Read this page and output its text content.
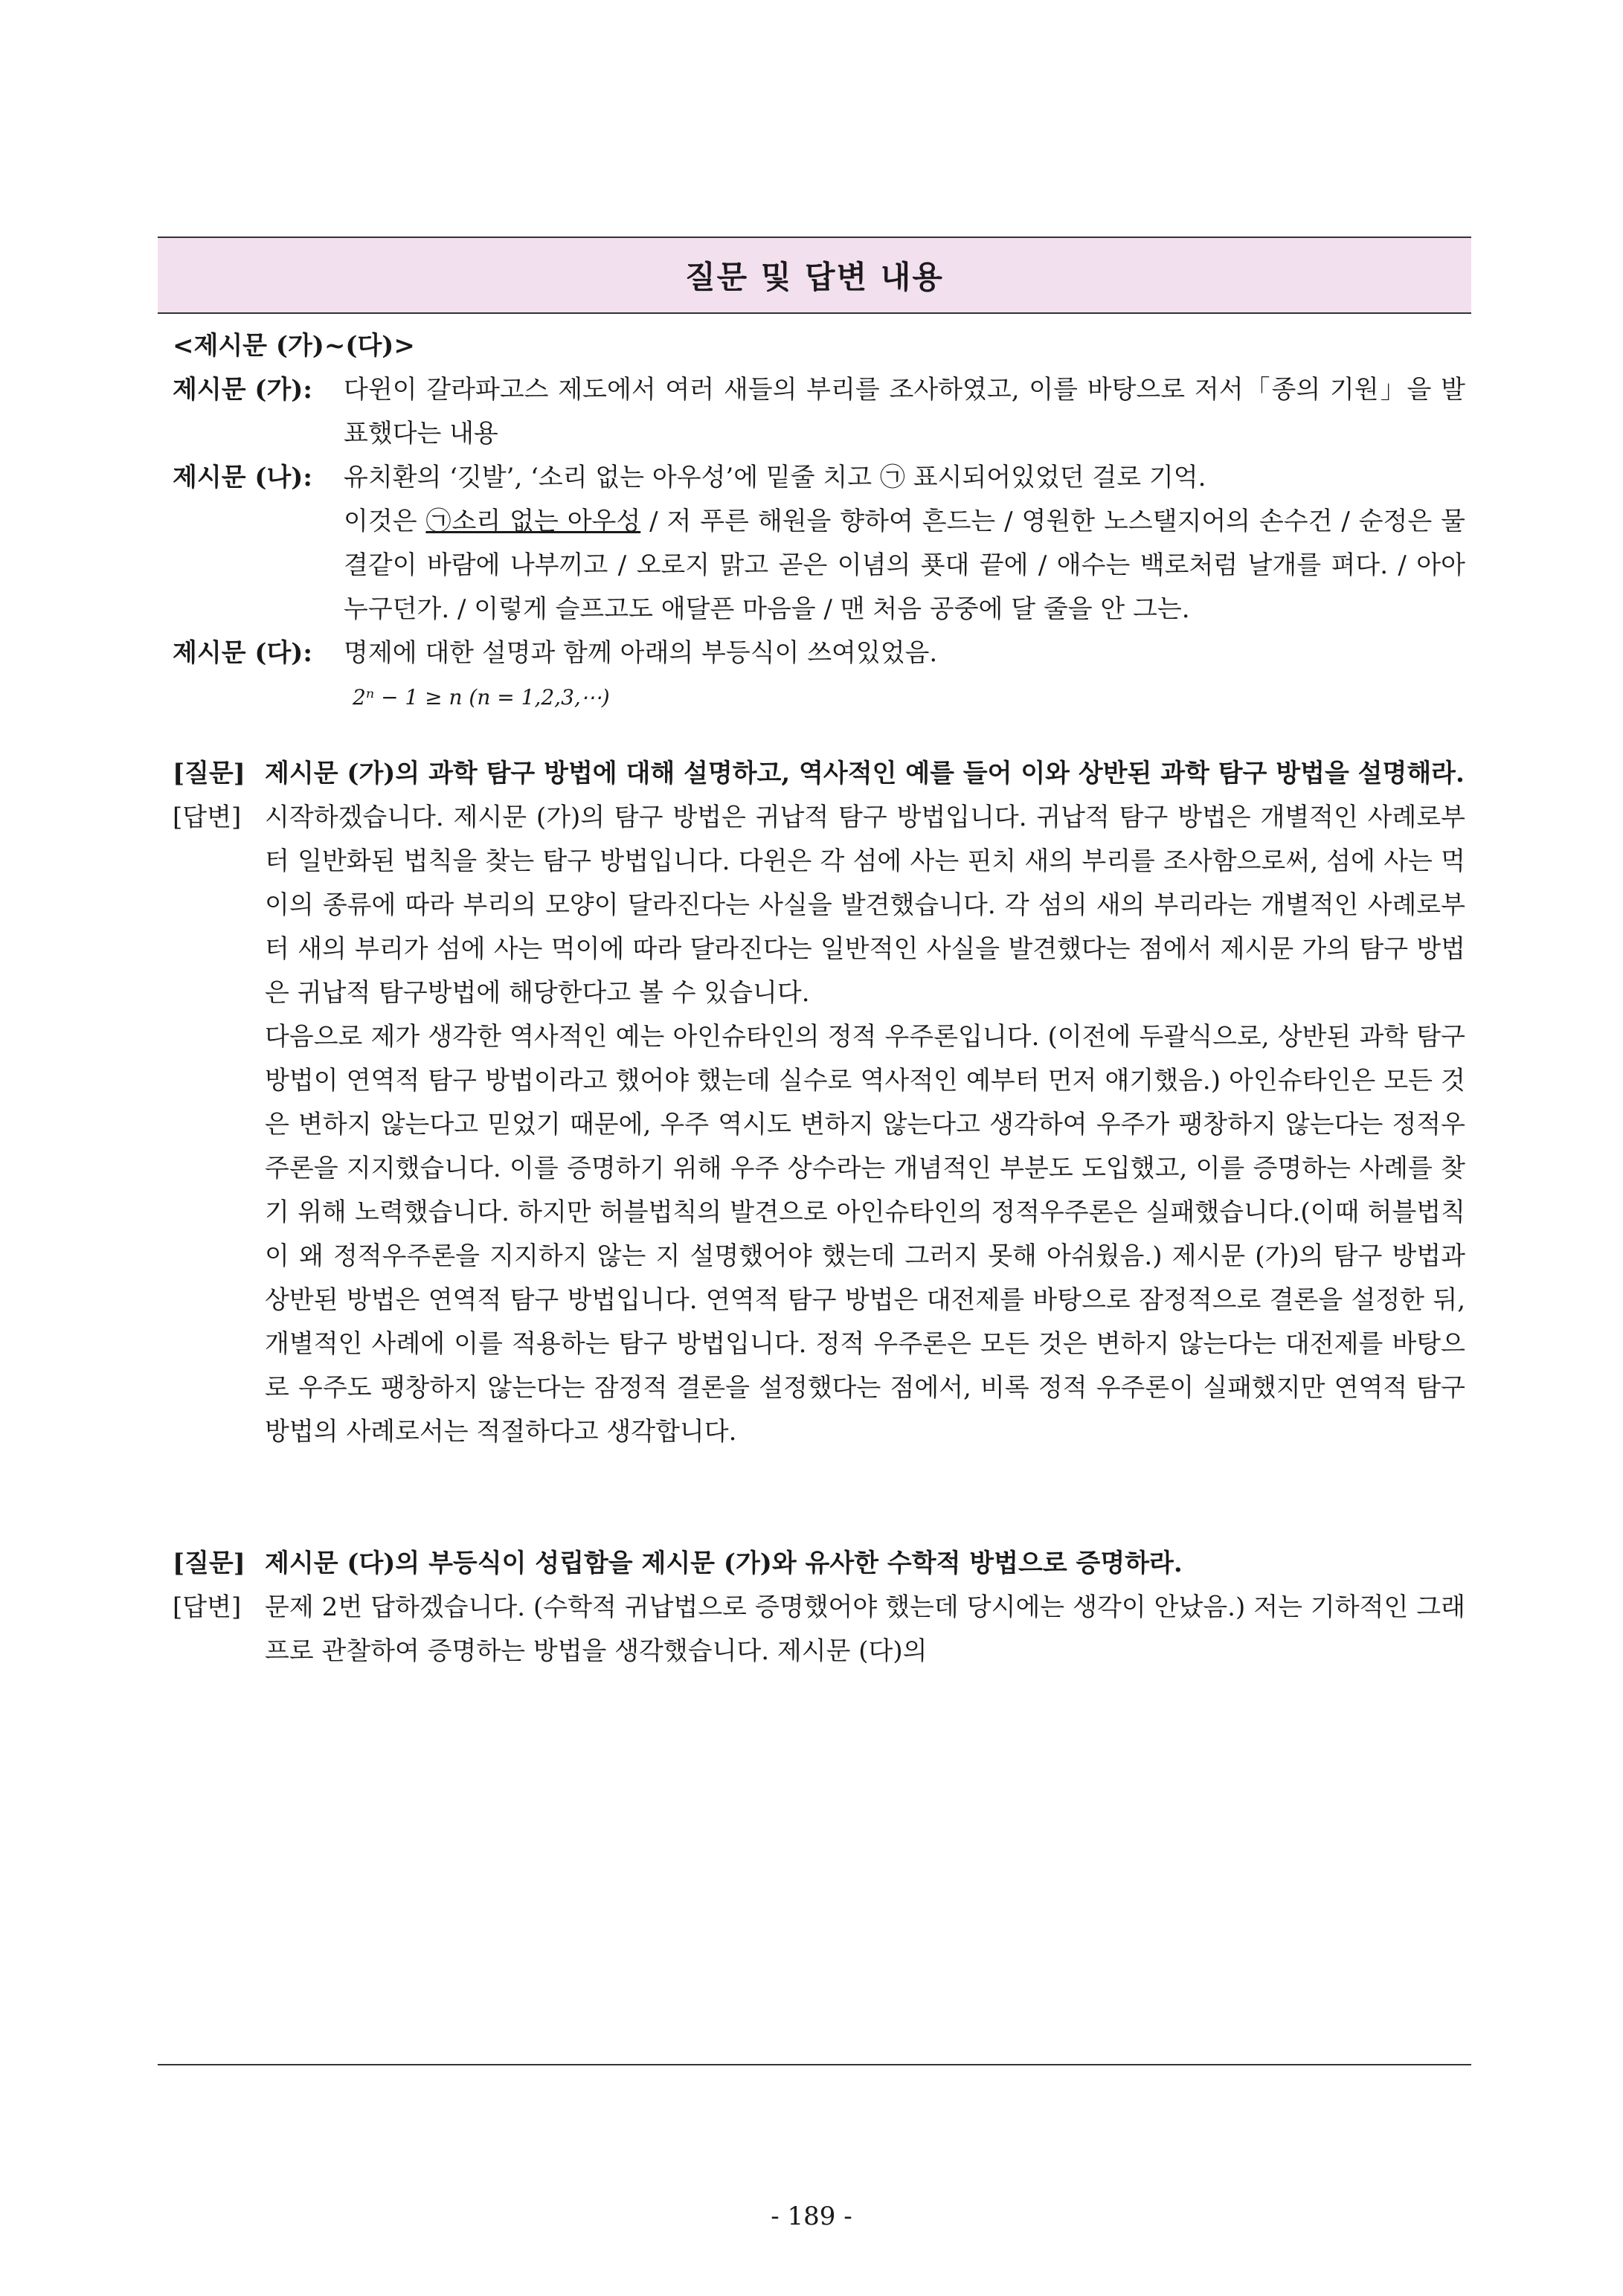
질문 및 답변 내용
<제시문 (가)~(다)>
제시문 (가):	다윈이 갈라파고스 제도에서 여러 새들의 부리를 조사하였고, 이를 바탕으로 저서「종의 기원」을 발표했다는 내용
제시문 (나):	유치환의 ‘깃발’, ‘소리 없는 아우성’에 밑줄 치고 ㉠ 표시되어있었던 걸로 기억.
이것은 ㉠소리 없는 아우성 / 저 푸른 해원을 향하여 흔드는 / 영원한 노스탤지어의 손수건 / 순정은 물결같이 바람에 나부끼고 / 오로지 맑고 곧은 이념의 푯대 끝에 / 애수는 백로처럼 날개를 펴다. / 아아 누구던가. / 이렇게 슬프고도 애달픈 마음을 / 맨 처음 공중에 달 줄을 안 그는.
제시문 (다):	명제에 대한 설명과 함께 아래의 부등식이 쓰여있었음.
2ⁿ − 1 ≥ n (n = 1,2,3,⋯)
[질문] 제시문 (가)의 과학 탐구 방법에 대해 설명하고, 역사적인 예를 들어 이와 상반된 과학 탐구 방법을 설명해라.
[답변] 시작하겠습니다. 제시문 (가)의 탐구 방법은 귀납적 탐구 방법입니다. 귀납적 탐구 방법은 개별적인 사례로부터 일반화된 법칙을 찾는 탐구 방법입니다. 다윈은 각 섬에 사는 핀치 새의 부리를 조사함으로써, 섬에 사는 먹이의 종류에 따라 부리의 모양이 달라진다는 사실을 발견했습니다. 각 섬의 새의 부리라는 개별적인 사례로부터 새의 부리가 섬에 사는 먹이에 따라 달라진다는 일반적인 사실을 발견했다는 점에서 제시문 가의 탐구 방법은 귀납적 탐구방법에 해당한다고 볼 수 있습니다.
다음으로 제가 생각한 역사적인 예는 아인슈타인의 정적 우주론입니다. (이전에 두괄식으로, 상반된 과학 탐구 방법이 연역적 탐구 방법이라고 했어야 했는데 실수로 역사적인 예부터 먼저 얘기했음.) 아인슈타인은 모든 것은 변하지 않는다고 믿었기 때문에, 우주 역시도 변하지 않는다고 생각하여 우주가 팽창하지 않는다는 정적우주론을 지지했습니다. 이를 증명하기 위해 우주 상수라는 개념적인 부분도 도입했고, 이를 증명하는 사례를 찾기 위해 노력했습니다. 하지만 허블법칙의 발견으로 아인슈타인의 정적우주론은 실패했습니다.(이때 허블법칙이 왜 정적우주론을 지지하지 않는 지 설명했어야 했는데 그러지 못해 아쉬웠음.) 제시문 (가)의 탐구 방법과 상반된 방법은 연역적 탐구 방법입니다. 연역적 탐구 방법은 대전제를 바탕으로 잠정적으로 결론을 설정한 뒤, 개별적인 사례에 이를 적용하는 탐구 방법입니다. 정적 우주론은 모든 것은 변하지 않는다는 대전제를 바탕으로 우주도 팽창하지 않는다는 잠정적 결론을 설정했다는 점에서, 비록 정적 우주론이 실패했지만 연역적 탐구 방법의 사례로서는 적절하다고 생각합니다.
[질문] 제시문 (다)의 부등식이 성립함을 제시문 (가)와 유사한 수학적 방법으로 증명하라.
[답변] 문제 2번 답하겠습니다. (수학적 귀납법으로 증명했어야 했는데 당시에는 생각이 안났음.) 저는 기하적인 그래프로 관찰하여 증명하는 방법을 생각했습니다. 제시문 (다)의
- 189 -
